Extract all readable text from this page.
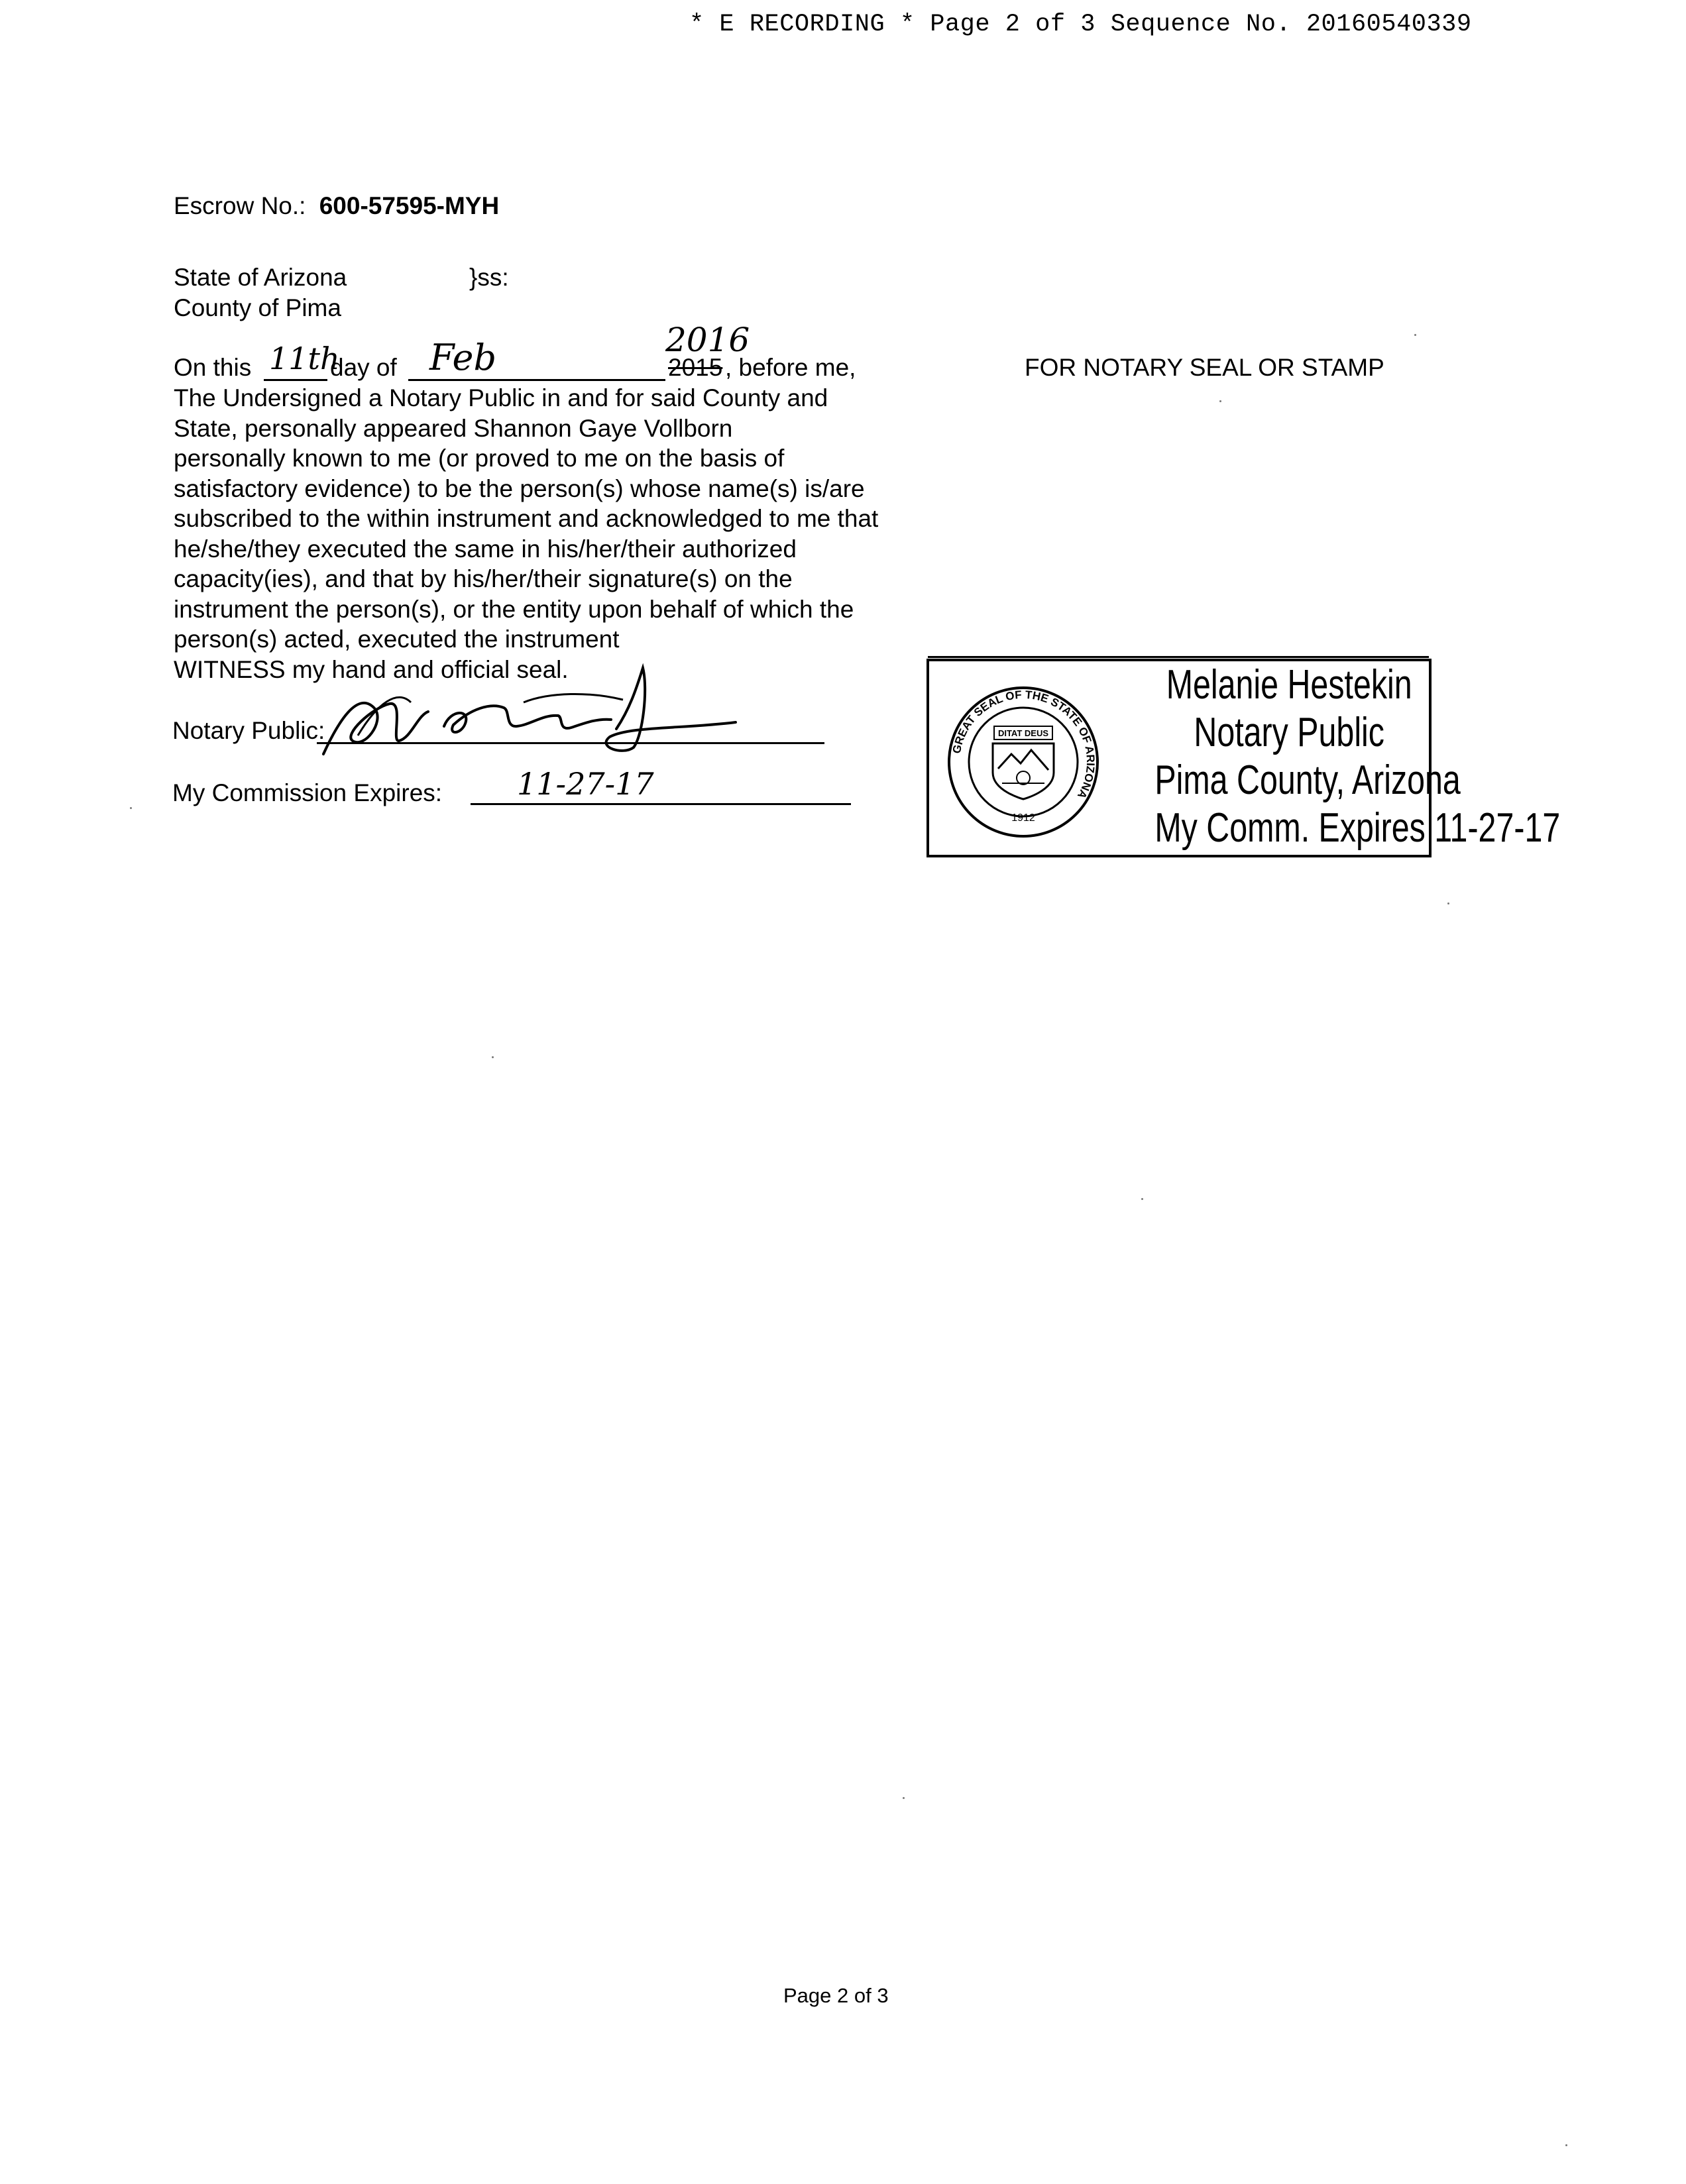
* E RECORDING * Page 2 of 3 Sequence No. 20160540339
Escrow No.: 600-57595-MYH
State of Arizona	}ss:
County of Pima
2016
On this 11th
day of Feb	2015 , before me,
The Undersigned a Notary Public in and for said County and
State, personally appeared Shannon Gaye Vollborn
personally known to me (or proved to me on the basis of
satisfactory evidence) to be the person(s) whose name(s) is/are
subscribed to the within instrument and acknowledged to me that
he/she/they executed the same in his/her/their authorized
capacity(ies), and that by his/her/their signature(s) on the
instrument the person(s), or the entity upon behalf of which the
person(s) acted, executed the instrument
WITNESS my hand and official seal.
Notary Public:
My Commission Expires: 11-27-17
FOR NOTARY SEAL OR STAMP
GREAT SEAL OF THE STATE OF ARIZONA
DITAT DEUS
1912
Melanie Hestekin
Notary Public
Pima County, Arizona
My Comm. Expires 11-27-17
Page 2 of 3
